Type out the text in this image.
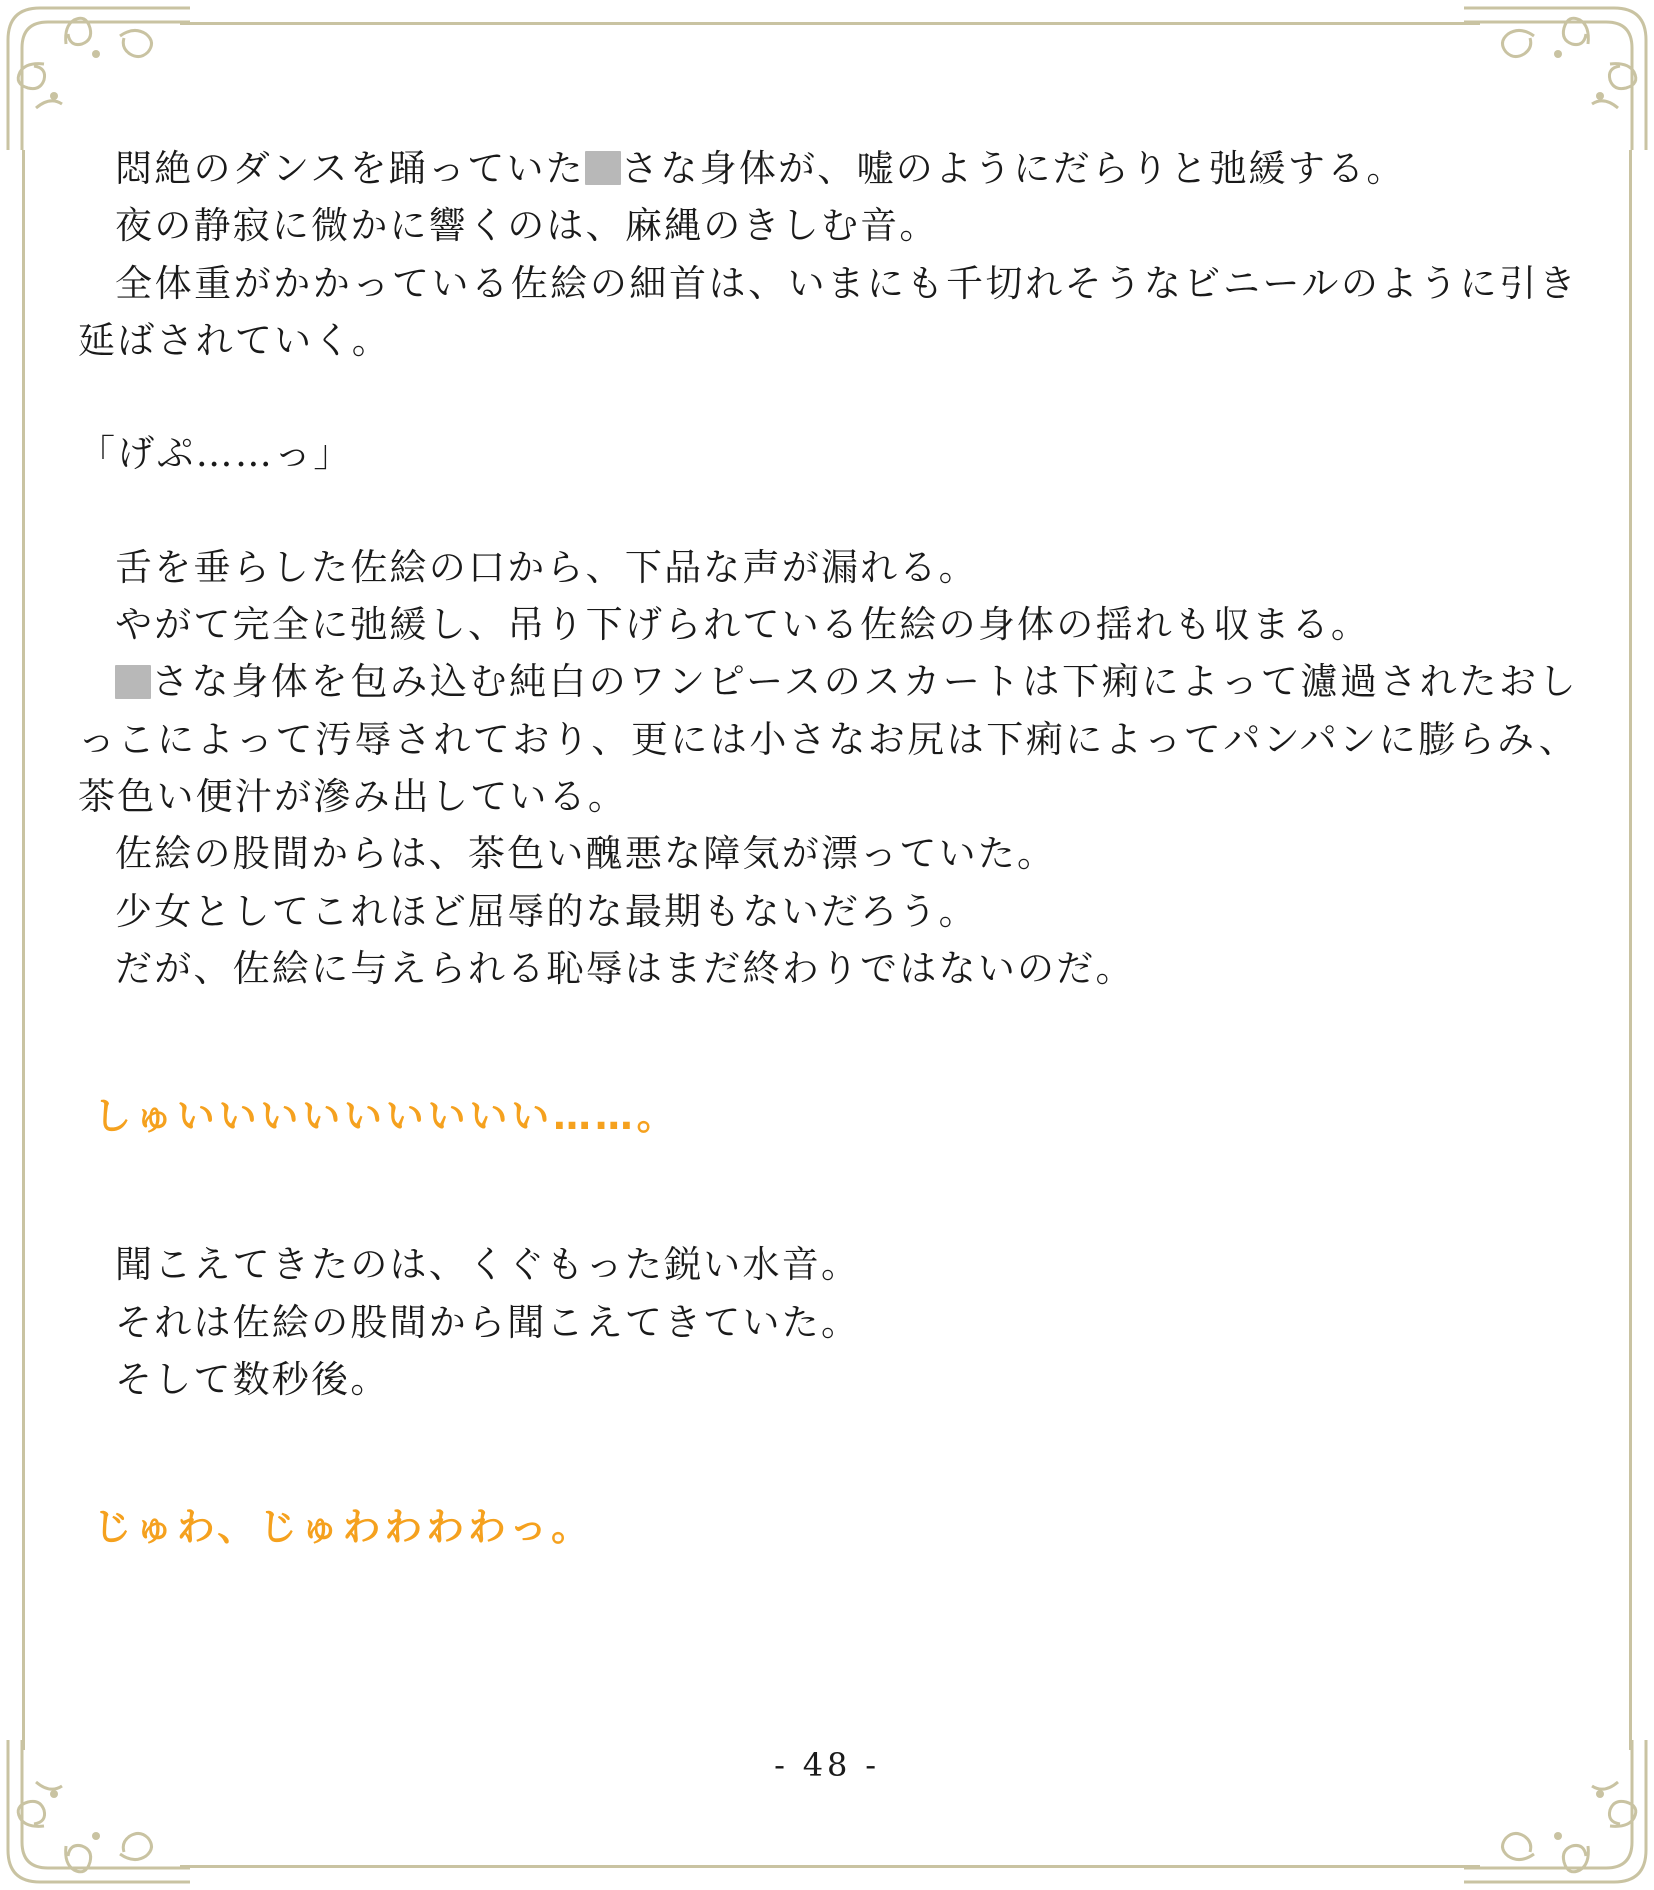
悶絶のダンスを踊っていた さな身体が、嘘のようにだらりと弛緩する。

夜の静寂に微かに響くのは、麻縄のきしむ音。

全体重がかかっている佐絵の細首は、いまにも千切れそうなビニールのように引き延ばされていく。

「げぷ……っ」

舌を垂らした佐絵の口から、下品な声が漏れる。

やがて完全に弛緩し、吊り下げられている佐絵の身体の揺れも収まる。

さな身体を包み込む純白のワンピースのスカートは下痢によって濾過されたおしっこによって汚辱されており、更には小さなお尻は下痢によってパンパンに膨らみ、茶色い便汁が滲み出している。

佐絵の股間からは、茶色い醜悪な障気が漂っていた。

少女としてこれほど屈辱的な最期もないだろう。

だが、佐絵に与えられる恥辱はまだ終わりではないのだ。

しゅいいいいいいいいい……。

聞こえてきたのは、くぐもった鋭い水音。

それは佐絵の股間から聞こえてきていた。

そして数秒後。

じゅわ、じゅわわわわっ。

- 48 -
